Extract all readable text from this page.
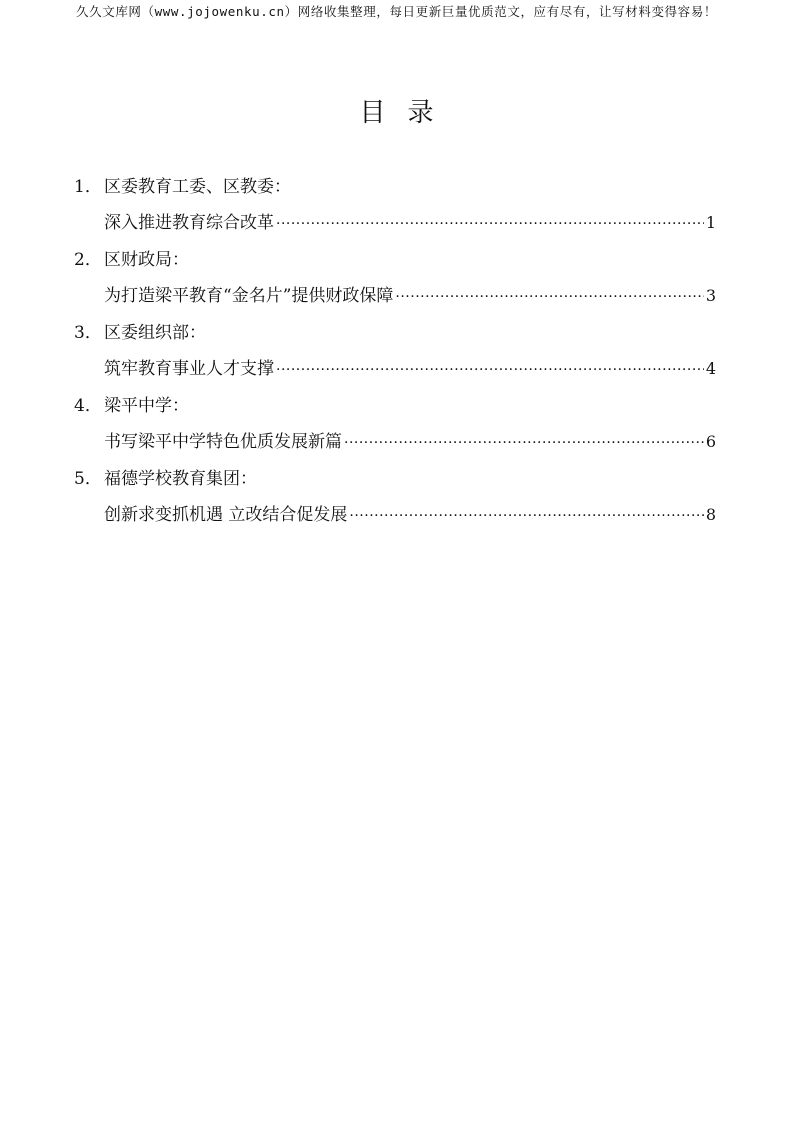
久久文库网（www.jojowenku.cn）网络收集整理，每日更新巨量优质范文，应有尽有，让写材料变得容易！
目 录
1． 区委教育工委、区教委：
深入推进教育综合改革 ·····	1
2． 区财政局：
为打造梁平教育“金名片”提供财政保障 ·····	3
3． 区委组织部：
筑牢教育事业人才支撑 ·····	4
4． 梁平中学：
书写梁平中学特色优质发展新篇 ·····	6
5． 福德学校教育集团：
创新求变抓机遇 立改结合促发展 ·····	8
